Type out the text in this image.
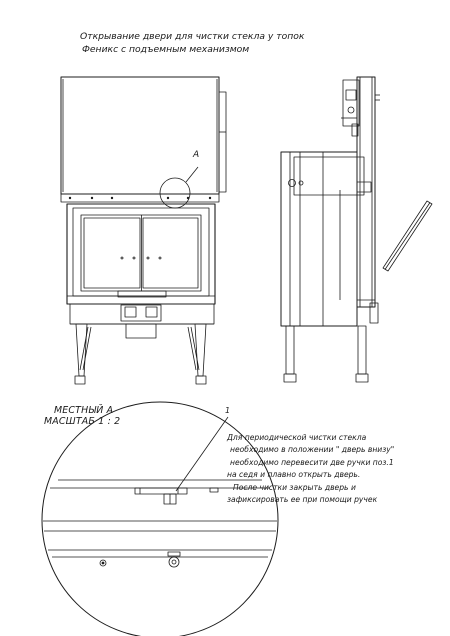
Открывание двери для чистки стекла у топок
Феникс с подъемным механизмом
А
1
МЕСТНЫЙ А
МАСШТАБ 1 : 2
Для периодической чистки стекла
необходимо в положении " дверь внизу"
необходимо перевесити две ручки поз.1
на седя и плавно открыть дверь.
После чистки закрыть дверь и
зафиксировать ее при помощи ручек
